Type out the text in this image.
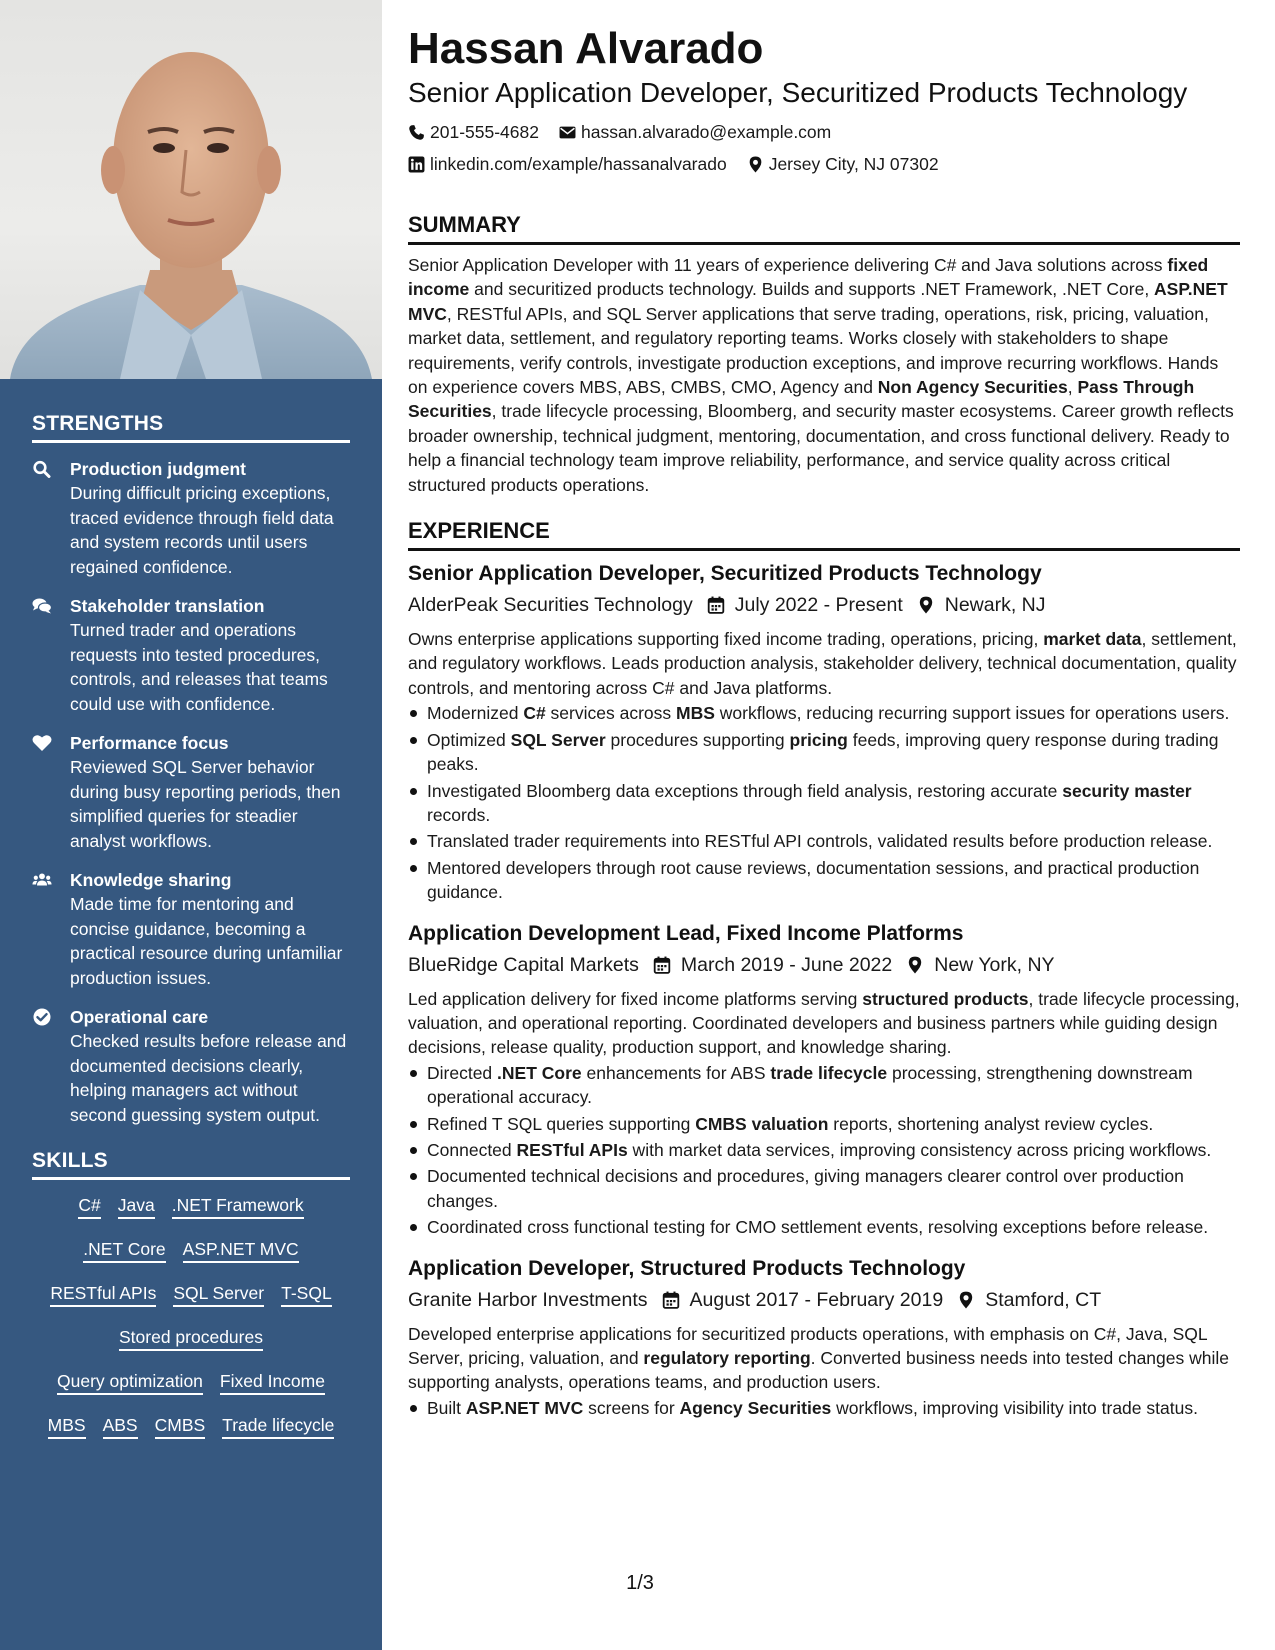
STRENGTHS
Production judgment
During difficult pricing exceptions, traced evidence through field data and system records until users regained confidence.
Stakeholder translation
Turned trader and operations requests into tested procedures, controls, and releases that teams could use with confidence.
Performance focus
Reviewed SQL Server behavior during busy reporting periods, then simplified queries for steadier analyst workflows.
Knowledge sharing
Made time for mentoring and concise guidance, becoming a practical resource during unfamiliar production issues.
Operational care
Checked results before release and documented decisions clearly, helping managers act without second guessing system output.
SKILLS
C# Java .NET Framework
.NET Core ASP.NET MVC
RESTful APIs SQL Server T-SQL
Stored procedures
Query optimization Fixed Income
MBS ABS CMBS Trade lifecycle
Hassan Alvarado
Senior Application Developer, Securitized Products Technology
201-555-4682 hassan.alvarado@example.com
linkedin.com/example/hassanalvarado Jersey City, NJ 07302
SUMMARY

Senior Application Developer with 11 years of experience delivering C# and Java solutions across fixed income and securitized products technology. Builds and supports .NET Framework, .NET Core, ASP.NET MVC, RESTful APIs, and SQL Server applications that serve trading, operations, risk, pricing, valuation, market data, settlement, and regulatory reporting teams. Works closely with stakeholders to shape requirements, verify controls, investigate production exceptions, and improve recurring workflows. Hands on experience covers MBS, ABS, CMBS, CMO, Agency and Non Agency Securities, Pass Through Securities, trade lifecycle processing, Bloomberg, and security master ecosystems. Career growth reflects broader ownership, technical judgment, mentoring, documentation, and cross functional delivery. Ready to help a financial technology team improve reliability, performance, and service quality across critical structured products operations.

EXPERIENCE
Senior Application Developer, Securitized Products Technology
AlderPeak Securities Technology July 2022 - Present Newark, NJ

Owns enterprise applications supporting fixed income trading, operations, pricing, market data, settlement, and regulatory workflows. Leads production analysis, stakeholder delivery, technical documentation, quality controls, and mentoring across C# and Java platforms.

Modernized C# services across MBS workflows, reducing recurring support issues for operations users.
Optimized SQL Server procedures supporting pricing feeds, improving query response during trading peaks.
Investigated Bloomberg data exceptions through field analysis, restoring accurate security master records.
Translated trader requirements into RESTful API controls, validated results before production release.
Mentored developers through root cause reviews, documentation sessions, and practical production guidance.
Application Development Lead, Fixed Income Platforms
BlueRidge Capital Markets March 2019 - June 2022 New York, NY

Led application delivery for fixed income platforms serving structured products, trade lifecycle processing, valuation, and operational reporting. Coordinated developers and business partners while guiding design decisions, release quality, production support, and knowledge sharing.

Directed .NET Core enhancements for ABS trade lifecycle processing, strengthening downstream operational accuracy.
Refined T SQL queries supporting CMBS valuation reports, shortening analyst review cycles.
Connected RESTful APIs with market data services, improving consistency across pricing workflows.
Documented technical decisions and procedures, giving managers clearer control over production changes.
Coordinated cross functional testing for CMO settlement events, resolving exceptions before release.
Application Developer, Structured Products Technology
Granite Harbor Investments August 2017 - February 2019 Stamford, CT

Developed enterprise applications for securitized products operations, with emphasis on C#, Java, SQL Server, pricing, valuation, and regulatory reporting. Converted business needs into tested changes while supporting analysts, operations teams, and production users.

Built ASP.NET MVC screens for Agency Securities workflows, improving visibility into trade status.
1/3
